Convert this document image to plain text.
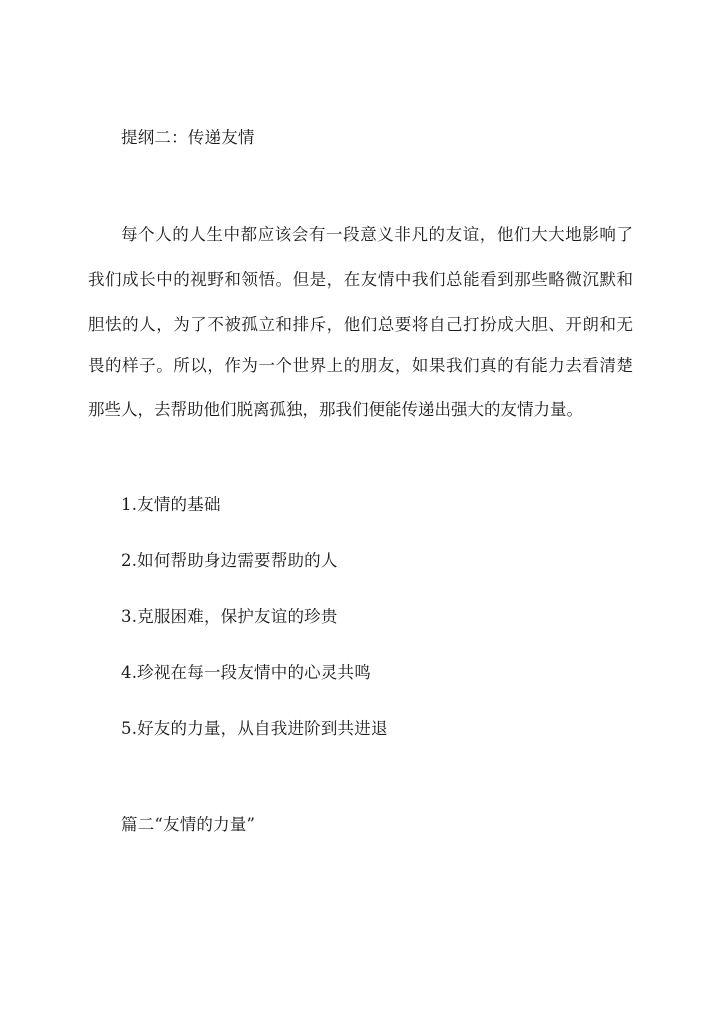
提纲二：传递友情
每个人的人生中都应该会有一段意义非凡的友谊，他们大大地影响了
我们成长中的视野和领悟。但是，在友情中我们总能看到那些略微沉默和
胆怯的人，为了不被孤立和排斥，他们总要将自己打扮成大胆、开朗和无
畏的样子。所以，作为一个世界上的朋友，如果我们真的有能力去看清楚
那些人，去帮助他们脱离孤独，那我们便能传递出强大的友情力量。
1.友情的基础
2.如何帮助身边需要帮助的人
3.克服困难，保护友谊的珍贵
4.珍视在每一段友情中的心灵共鸣
5.好友的力量，从自我进阶到共进退
篇二“友情的力量”
